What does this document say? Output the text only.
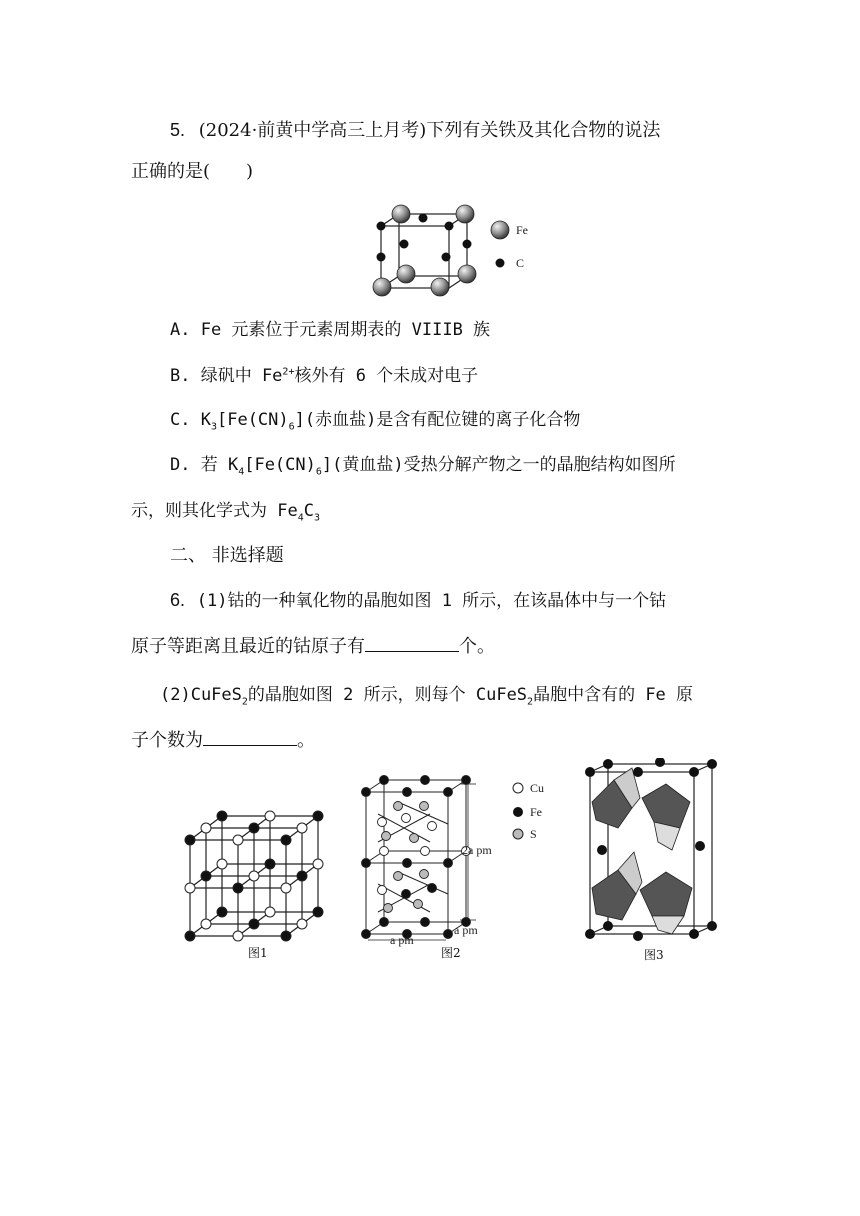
5. (2024·前黄中学高三上月考)下列有关铁及其化合物的说法
正确的是(　　)
Fe
C
A. Fe 元素位于元素周期表的 VIIIB 族
B. 绿矾中 $Fe^{2+}$核外有 6 个未成对电子
C. $K_3[Fe(CN)_6]$(赤血盐)是含有配位键的离子化合物
D. 若 $K_4[Fe(CN)_6]$(黄血盐)受热分解产物之一的晶胞结构如图所
示，则其化学式为 $Fe_4C_3$
二、 非选择题
6. (1)钴的一种氧化物的晶胞如图 1 所示，在该晶体中与一个钴
原子等距离且最近的钴原子有	个。
(2)CuFeS$_2$的晶胞如图 2 所示，则每个 CuFeS$_2$晶胞中含有的 Fe 原
子个数为	。
图1
2a pm
a pm
a pm
Cu
Fe
S
图2	图3
